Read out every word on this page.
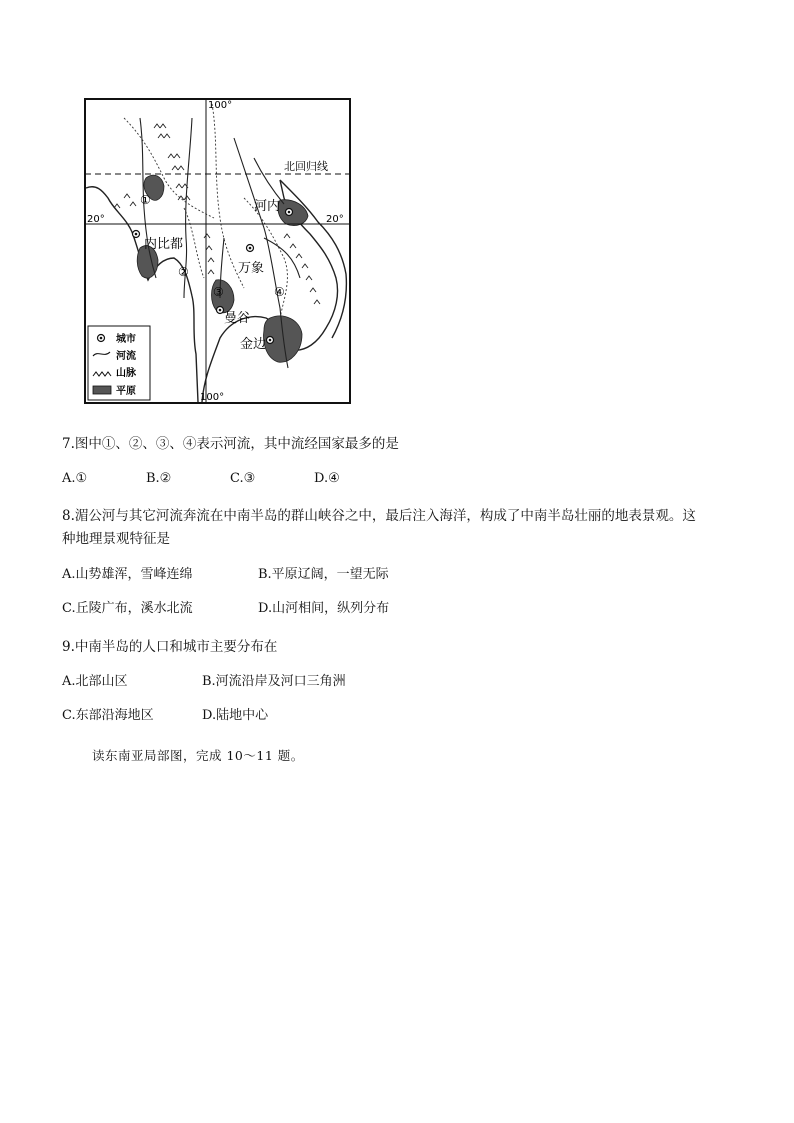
100°
100°
20°	20°
北回归线
河内
内比都
万象
曼谷
金边
①
②
③	④
城市
河流
山脉
平原
7.图中①、②、③、④表示河流，其中流经国家最多的是
A.①	B.②	C.③	D.④
8.湄公河与其它河流奔流在中南半岛的群山峡谷之中，最后注入海洋，构成了中南半岛壮丽的地表景观。这
种地理景观特征是
A.山势雄浑，雪峰连绵	B.平原辽阔，一望无际
C.丘陵广布，溪水北流	D.山河相间，纵列分布
9.中南半岛的人口和城市主要分布在
A.北部山区	B.河流沿岸及河口三角洲
C.东部沿海地区	D.陆地中心
读东南亚局部图，完成 10～11 题。
